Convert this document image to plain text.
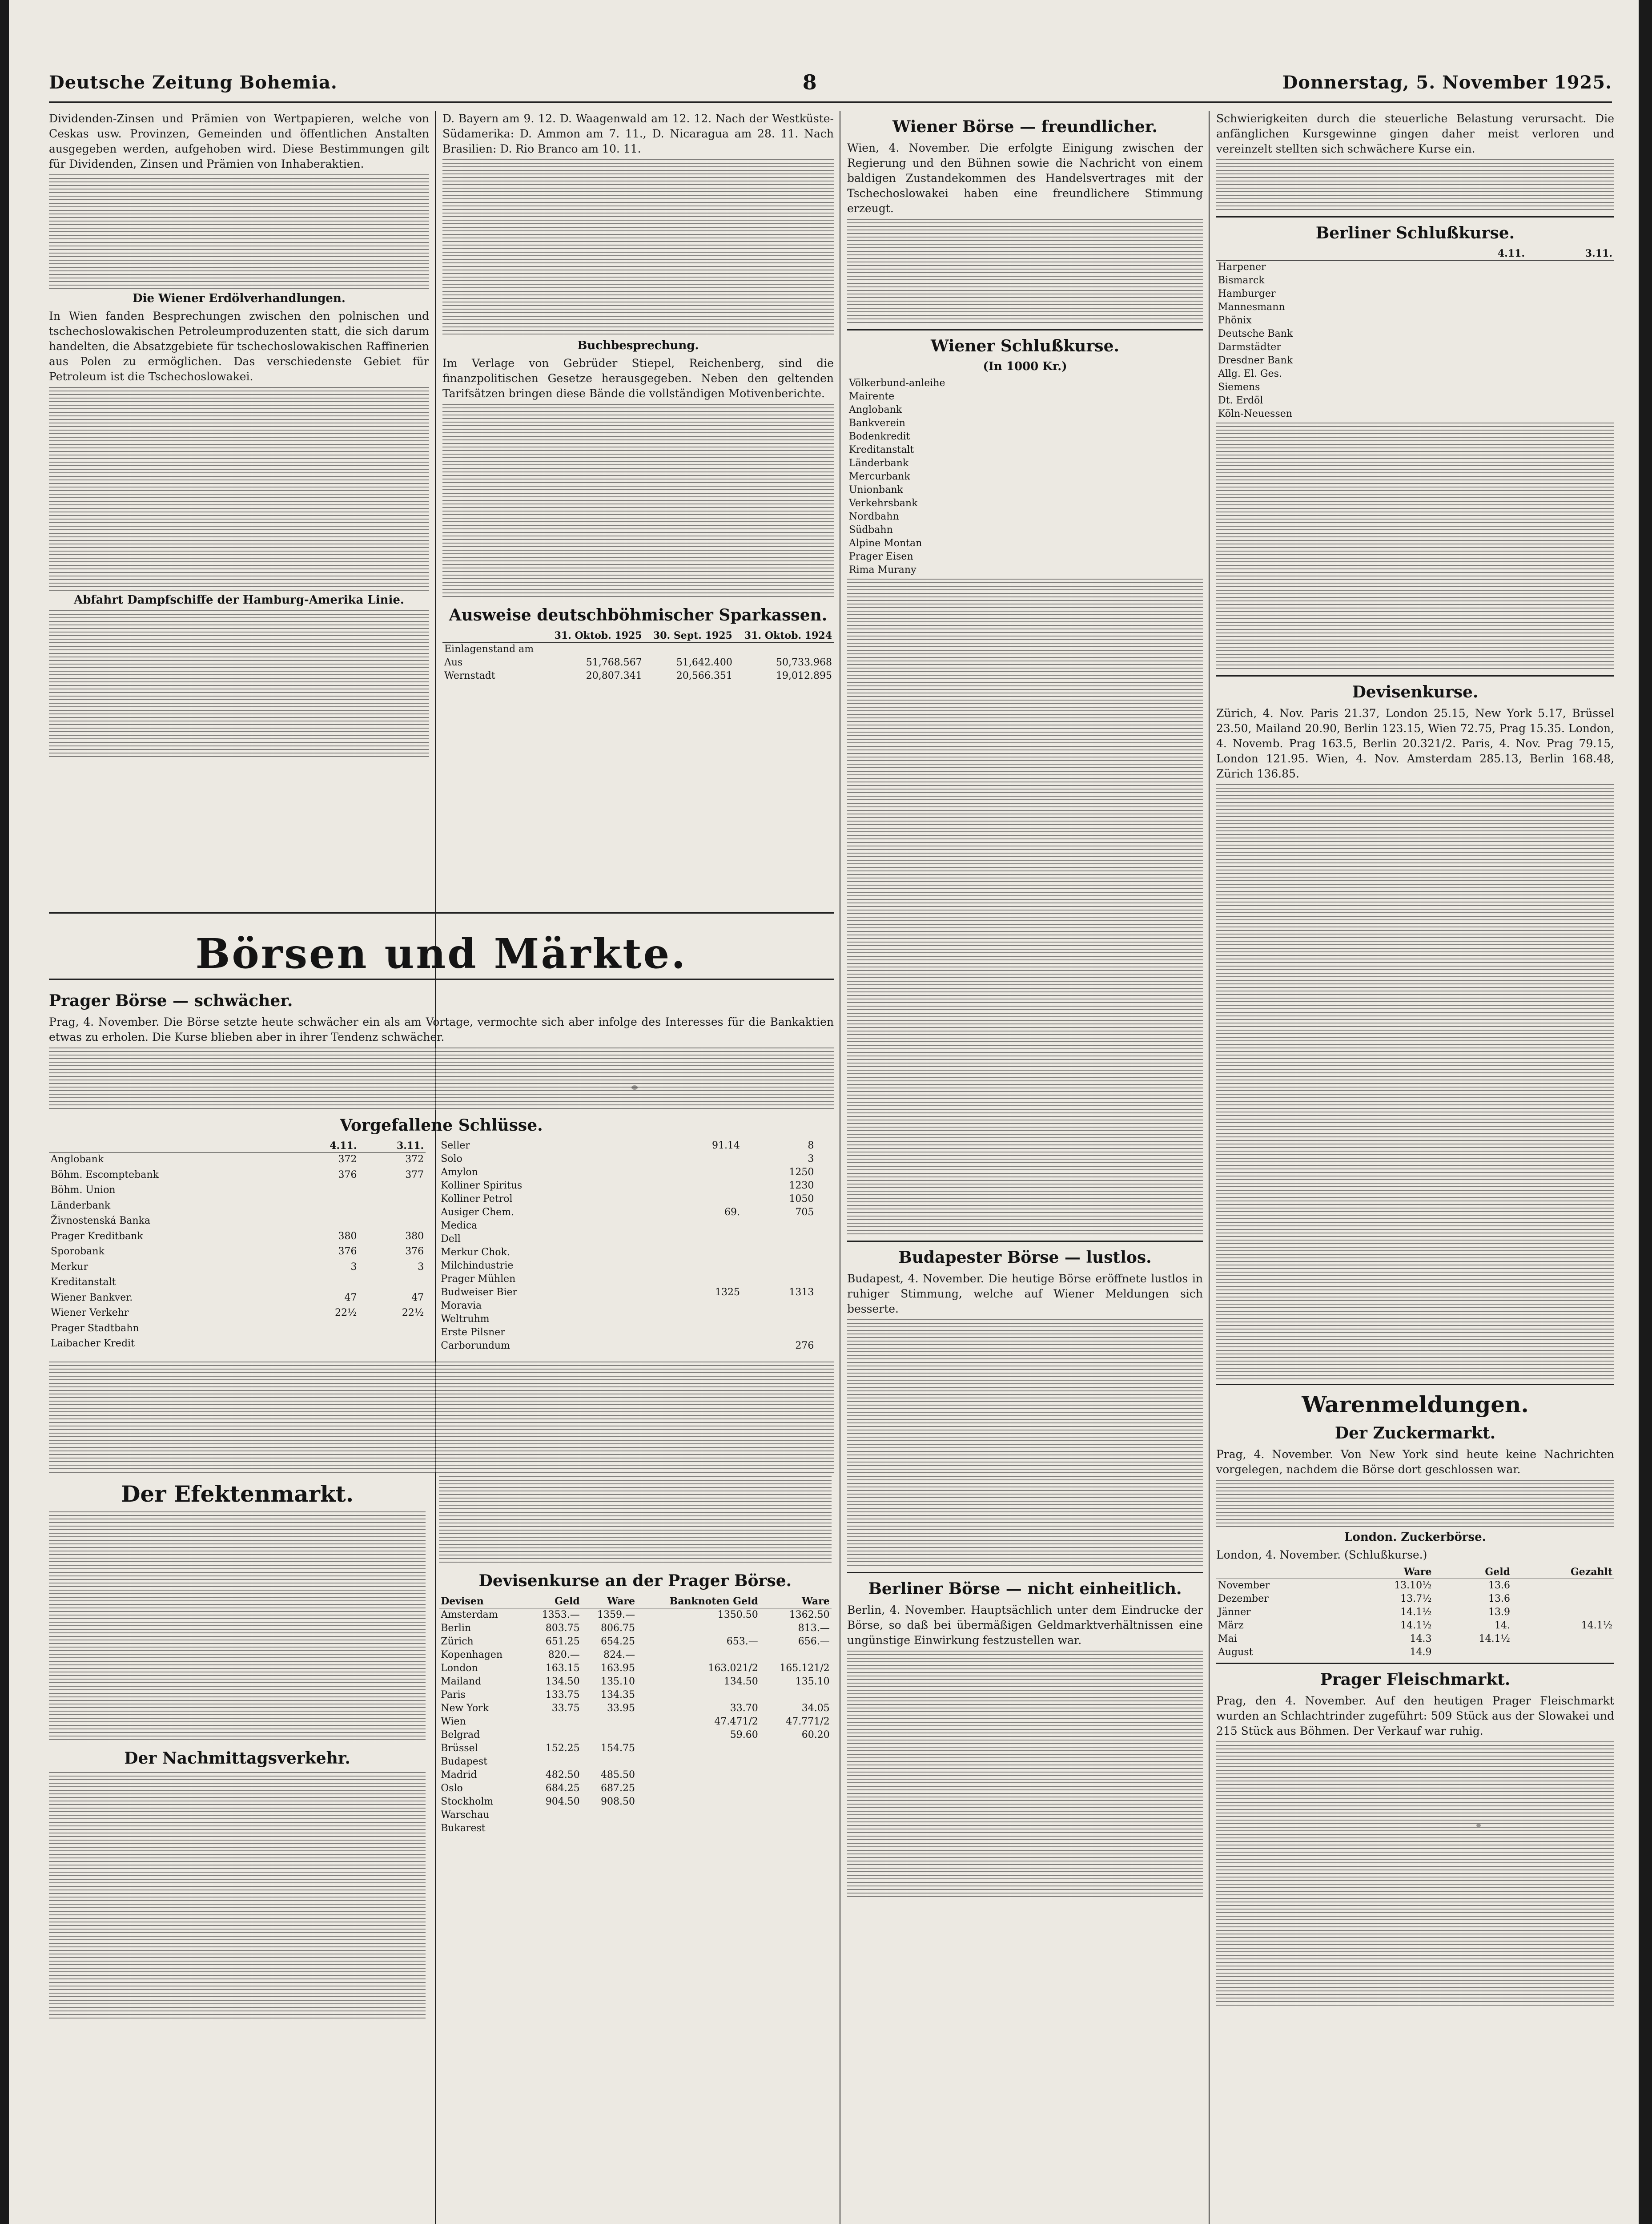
Deutsche Zeitung Bohemia.	8	Donnerstag, 5. November 1925.

Dividenden-Zinsen und Prämien von Wertpapieren, welche von Ceskas usw. Provinzen, Gemeinden und öffentlichen Anstalten ausgegeben werden, aufgehoben wird. Diese Bestimmungen gilt für Dividenden, Zinsen und Prämien von Inhaberaktien.

Die Wiener Erdölverhandlungen.

In Wien fanden Besprechungen zwischen den polnischen und tschechoslowakischen Petroleumproduzenten statt, die sich darum handelten, die Absatzgebiete für tschechoslowakischen Raffinerien aus Polen zu ermöglichen. Das verschiedenste Gebiet für Petroleum ist die Tschechoslowakei.

Abfahrt Dampfschiffe der Hamburg-Amerika Linie.

D. Bayern am 9. 12. D. Waagenwald am 12. 12. Nach der Westküste-Südamerika: D. Ammon am 7. 11., D. Nicaragua am 28. 11. Nach Brasilien: D. Rio Branco am 10. 11.

Buchbesprechung.

Im Verlage von Gebrüder Stiepel, Reichenberg, sind die finanzpolitischen Gesetze herausgegeben. Neben den geltenden Tarifsätzen bringen diese Bände die vollständigen Motivenberichte.

Ausweise deutschböhmischer Sparkassen.
	31. Oktob. 1925	30. Sept. 1925	31. Oktob. 1924
Einlagenstand am			
Aus	51,768.567	51,642.400	50,733.968
Wernstadt	20,807.341	20,566.351	19,012.895
Börsen und Märkte.
Prager Börse — schwächer.

Prag, 4. November. Die Börse setzte heute schwächer ein als am Vortage, vermochte sich aber infolge des Interesses für die Bankaktien etwas zu erholen. Die Kurse blieben aber in ihrer Tendenz schwächer.

Vorgefallene Schlüsse.
	4.11.	3.11.
Anglobank	372	372
Böhm. Escomptebank	376	377
Böhm. Union		
Länderbank		
Živnostenská Banka		
Prager Kreditbank	380	380
Sporobank	376	376
Merkur	3	3
Kreditanstalt		
Wiener Bankver.	47	47
Wiener Verkehr	22½	22½
Prager Stadtbahn		
Laibacher Kredit		
Seller	91.14	8
Solo		3
Amylon		1250
Kolliner Spiritus		1230
Kolliner Petrol		1050
Ausiger Chem.	69.	705
Medica		
Dell		
Merkur Chok.		
Milchindustrie		
Prager Mühlen		
Budweiser Bier	1325	1313
Moravia		
Weltruhm		
Erste Pilsner		
Carborundum		276
Der Efektenmarkt.
Der Nachmittagsverkehr.
Devisenkurse an der Prager Börse.
Devisen	Geld	Ware	Banknoten Geld	Ware
Amsterdam	1353.—	1359.—	1350.50	1362.50
Berlin	803.75	806.75		813.—
Zürich	651.25	654.25	653.—	656.—
Kopenhagen	820.—	824.—		
London	163.15	163.95	163.021/2	165.121/2
Mailand	134.50	135.10	134.50	135.10
Paris	133.75	134.35		
New York	33.75	33.95	33.70	34.05
Wien			47.471/2	47.771/2
Belgrad			59.60	60.20
Brüssel	152.25	154.75		
Budapest				
Madrid	482.50	485.50		
Oslo	684.25	687.25		
Stockholm	904.50	908.50		
Warschau				
Bukarest				
Wiener Börse — freundlicher.

Wien, 4. November. Die erfolgte Einigung zwischen der Regierung und den Bühnen sowie die Nachricht von einem baldigen Zustandekommen des Handelsvertrages mit der Tschechoslowakei haben eine freundlichere Stimmung erzeugt.

Wiener Schlußkurse.
(In 1000 Kr.)
Völkerbund-anleihe		
Mairente		
Anglobank		
Bankverein		
Bodenkredit		
Kreditanstalt		
Länderbank		
Mercurbank		
Unionbank		
Verkehrsbank		
Nordbahn		
Südbahn		
Alpine Montan		
Prager Eisen		
Rima Murany		
Budapester Börse — lustlos.

Budapest, 4. November. Die heutige Börse eröffnete lustlos in ruhiger Stimmung, welche auf Wiener Meldungen sich besserte.

Berliner Börse — nicht einheitlich.

Berlin, 4. November. Hauptsächlich unter dem Eindrucke der Börse, so daß bei übermäßigen Geldmarktverhältnissen eine ungünstige Einwirkung festzustellen war.

Schwierigkeiten durch die steuerliche Belastung verursacht. Die anfänglichen Kursgewinne gingen daher meist verloren und vereinzelt stellten sich schwächere Kurse ein.

Berliner Schlußkurse.
	4.11.	3.11.
Harpener		
Bismarck		
Hamburger		
Mannesmann		
Phönix		
Deutsche Bank		
Darmstädter		
Dresdner Bank		
Allg. El. Ges.		
Siemens		
Dt. Erdöl		
Köln-Neuessen		
Devisenkurse.

Zürich, 4. Nov. Paris 21.37, London 25.15, New York 5.17, Brüssel 23.50, Mailand 20.90, Berlin 123.15, Wien 72.75, Prag 15.35. London, 4. Novemb. Prag 163.5, Berlin 20.321/2. Paris, 4. Nov. Prag 79.15, London 121.95. Wien, 4. Nov. Amsterdam 285.13, Berlin 168.48, Zürich 136.85.

Warenmeldungen.
Der Zuckermarkt.

Prag, 4. November. Von New York sind heute keine Nachrichten vorgelegen, nachdem die Börse dort geschlossen war.

London. Zuckerbörse.

London, 4. November. (Schlußkurse.)

	Ware	Geld	Gezahlt
November	13.10½	13.6	
Dezember	13.7½	13.6	
Jänner	14.1½	13.9	
März	14.1½	14.	14.1½
Mai	14.3	14.1½	
August	14.9		
Prager Fleischmarkt.

Prag, den 4. November. Auf den heutigen Prager Fleischmarkt wurden an Schlachtrinder zugeführt: 509 Stück aus der Slowakei und 215 Stück aus Böhmen. Der Verkauf war ruhig.
